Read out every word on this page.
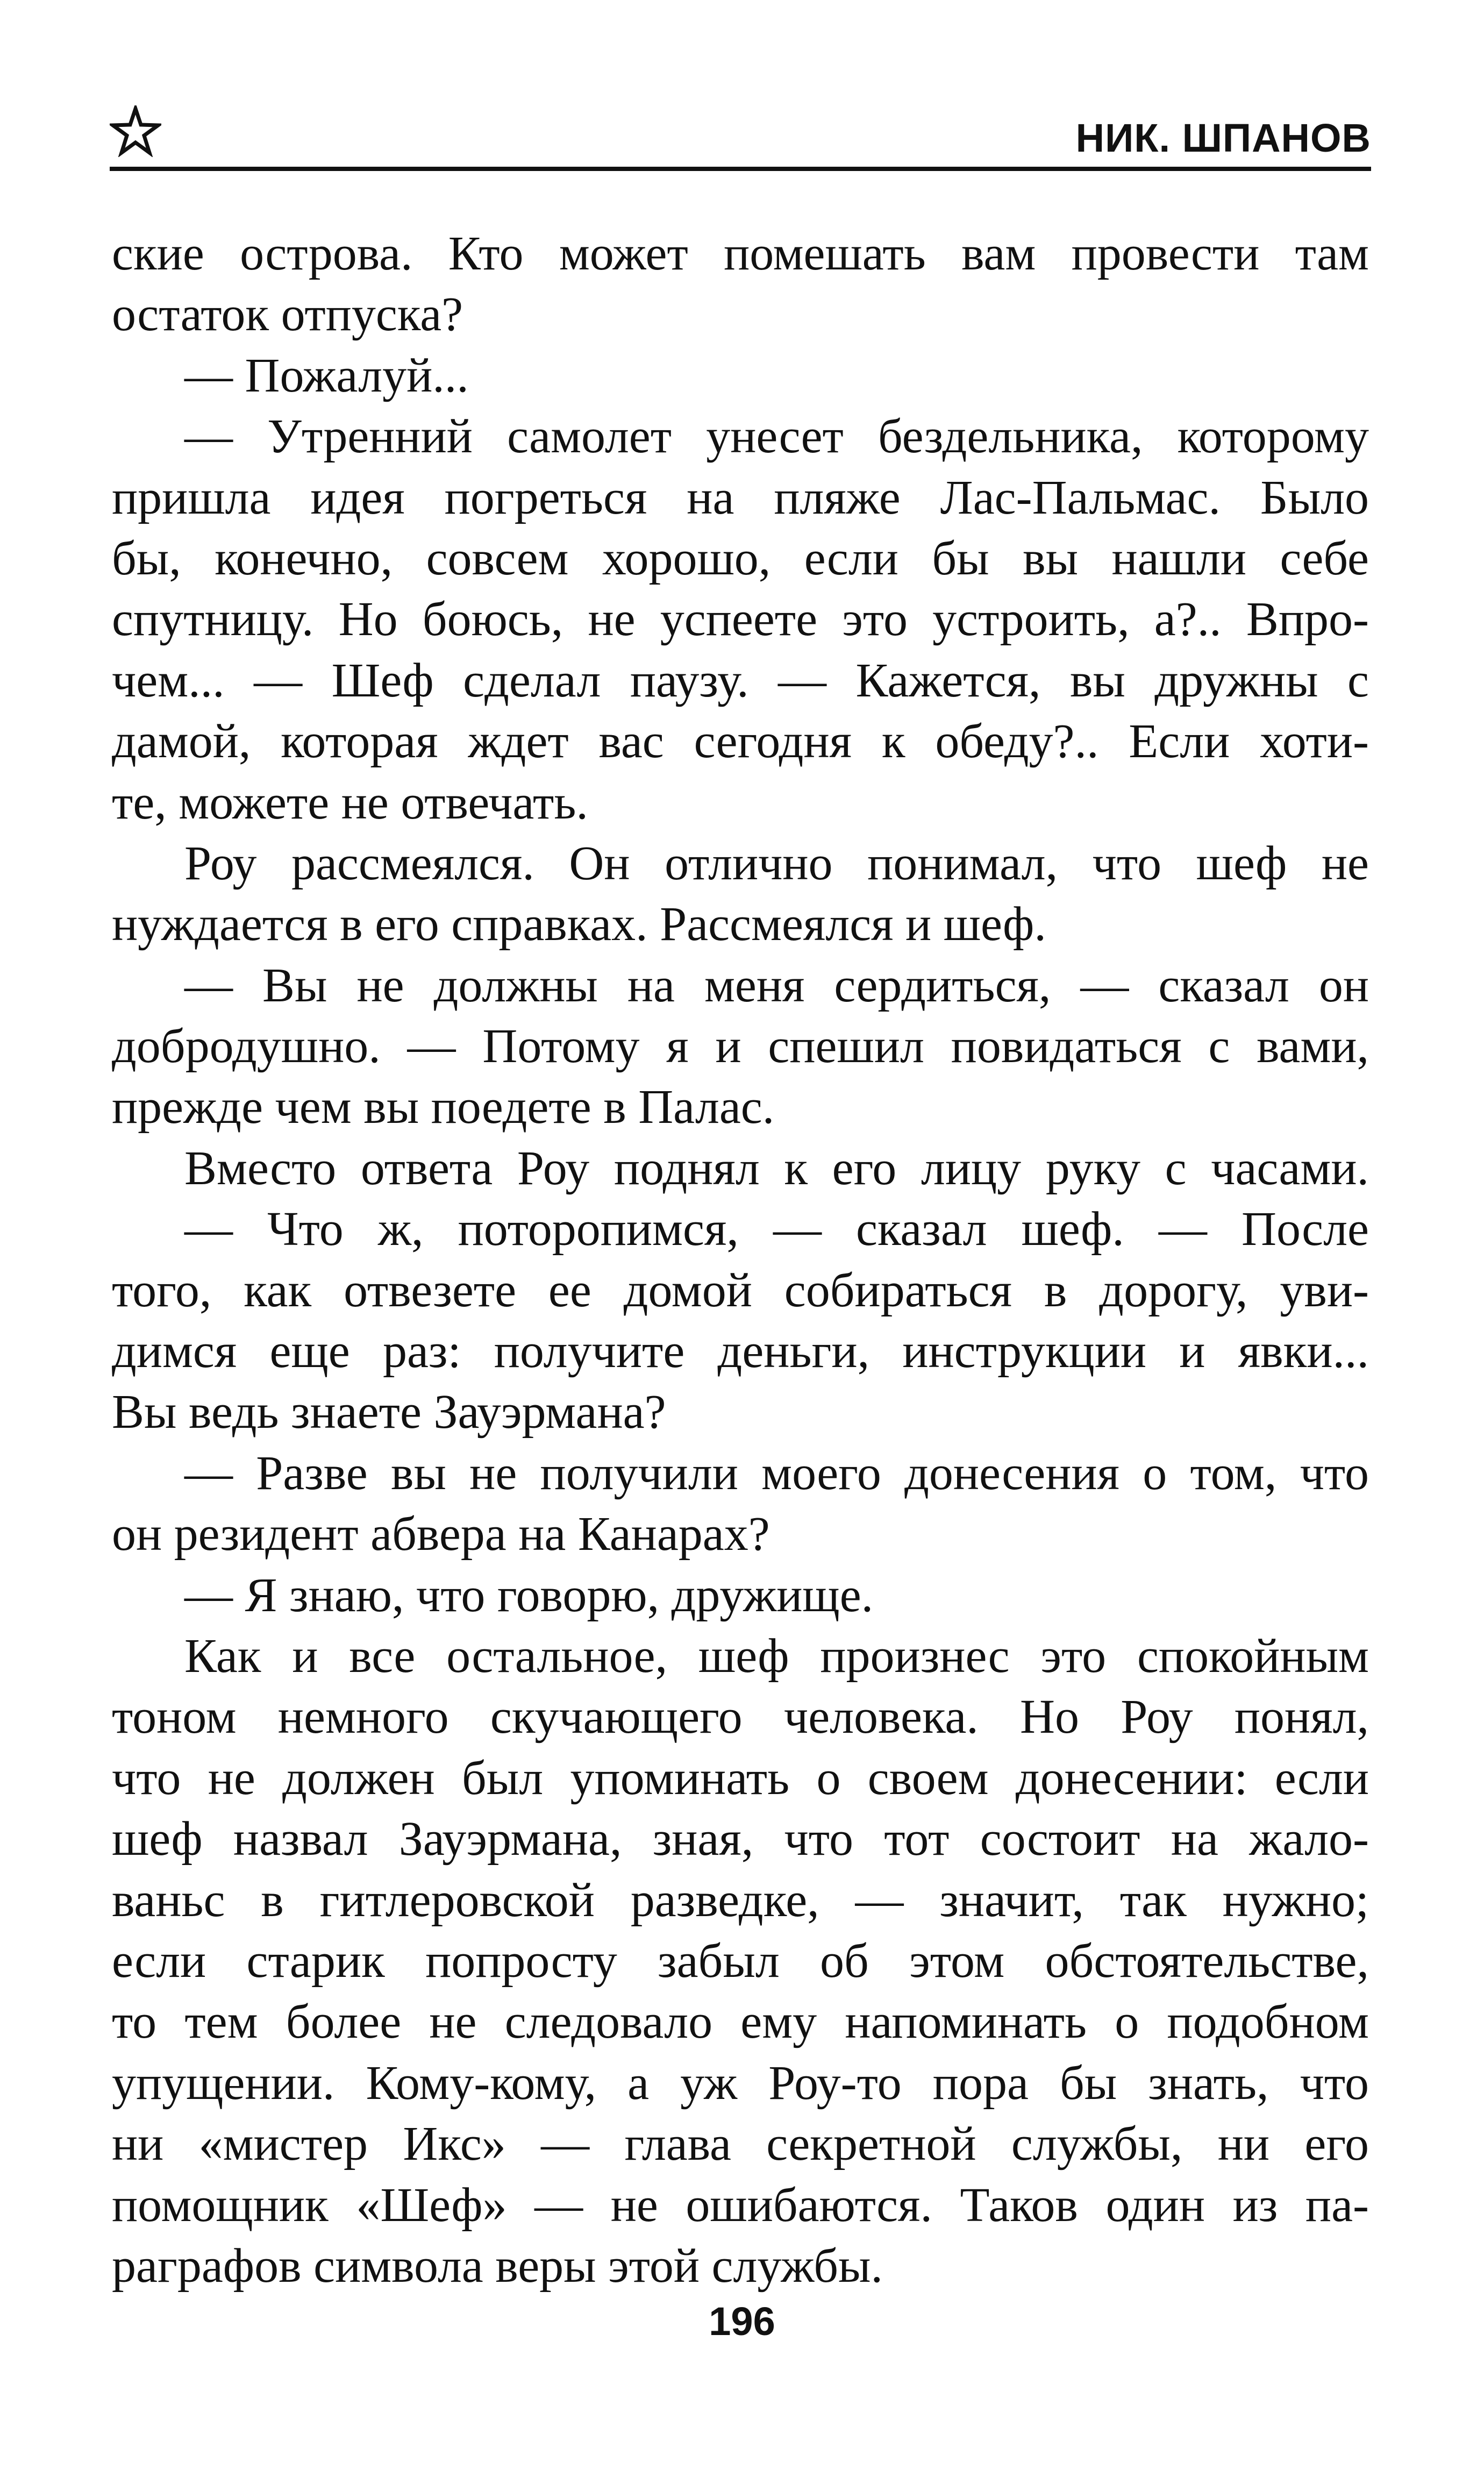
НИК. ШПАНОВ
ские острова. Кто может помешать вам провести там
остаток отпуска?
— Пожалуй...
— Утренний самолет унесет бездельника, которому
пришла идея погреться на пляже Лас-Пальмас. Было
бы, конечно, совсем хорошо, если бы вы нашли себе
спутницу. Но боюсь, не успеете это устроить, а?.. Впро-
чем... — Шеф сделал паузу. — Кажется, вы дружны с
дамой, которая ждет вас сегодня к обеду?.. Если хоти-
те, можете не отвечать.
Роу рассмеялся. Он отлично понимал, что шеф не
нуждается в его справках. Рассмеялся и шеф.
— Вы не должны на меня сердиться, — сказал он
добродушно. — Потому я и спешил повидаться с вами,
прежде чем вы поедете в Палас.
Вместо ответа Роу поднял к его лицу руку с часами.
— Что ж, поторопимся, — сказал шеф. — После
того, как отвезете ее домой собираться в дорогу, уви-
димся еще раз: получите деньги, инструкции и явки...
Вы ведь знаете Зауэрмана?
— Разве вы не получили моего донесения о том, что
он резидент абвера на Канарах?
— Я знаю, что говорю, дружище.
Как и все остальное, шеф произнес это спокойным
тоном немного скучающего человека. Но Роу понял,
что не должен был упоминать о своем донесении: если
шеф назвал Зауэрмана, зная, что тот состоит на жало-
ваньс в гитлеровской разведке, — значит, так нужно;
если старик попросту забыл об этом обстоятельстве,
то тем более не следовало ему напоминать о подобном
упущении. Кому-кому, а уж Роу-то пора бы знать, что
ни «мистер Икс» — глава секретной службы, ни его
помощник «Шеф» — не ошибаются. Таков один из па-
раграфов символа веры этой службы.
196
